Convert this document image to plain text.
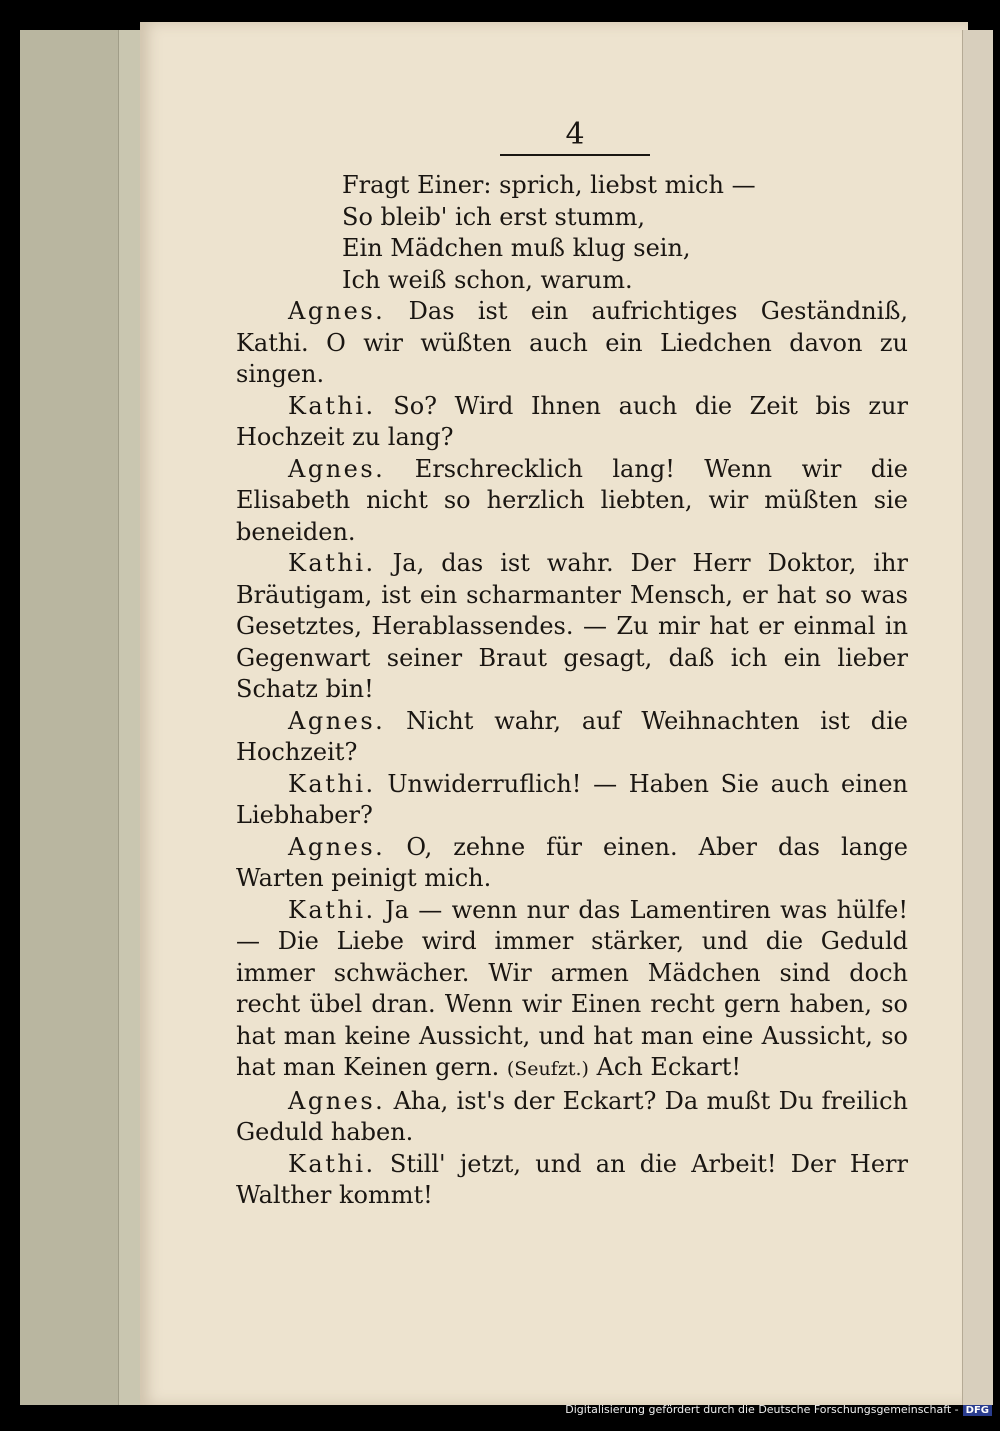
4
Fragt Einer: sprich, liebst mich —
So bleib' ich erst stumm,
Ein Mädchen muß klug sein,
Ich weiß schon, warum.

Agnes. Das ist ein aufrichtiges Geständniß, Kathi. O wir wüßten auch ein Liedchen davon zu singen.

Kathi. So? Wird Ihnen auch die Zeit bis zur Hochzeit zu lang?

Agnes. Erschrecklich lang! Wenn wir die Elisabeth nicht so herzlich liebten, wir müßten sie beneiden.

Kathi. Ja, das ist wahr. Der Herr Doktor, ihr Bräutigam, ist ein scharmanter Mensch, er hat so was Gesetztes, Herablassendes. — Zu mir hat er einmal in Gegenwart seiner Braut gesagt, daß ich ein lieber Schatz bin!

Agnes. Nicht wahr, auf Weihnachten ist die Hochzeit?

Kathi. Unwiderruflich! — Haben Sie auch einen Liebhaber?

Agnes. O, zehne für einen. Aber das lange Warten peinigt mich.

Kathi. Ja — wenn nur das Lamentiren was hülfe! — Die Liebe wird immer stärker, und die Geduld immer schwächer. Wir armen Mädchen sind doch recht übel dran. Wenn wir Einen recht gern haben, so hat man keine Aussicht, und hat man eine Aussicht, so hat man Keinen gern. (Seufzt.) Ach Eckart!

Agnes. Aha, ist's der Eckart? Da mußt Du freilich Geduld haben.

Kathi. Still' jetzt, und an die Arbeit! Der Herr Walther kommt!

Digitalisierung gefördert durch die Deutsche Forschungsgemeinschaft - DFG
